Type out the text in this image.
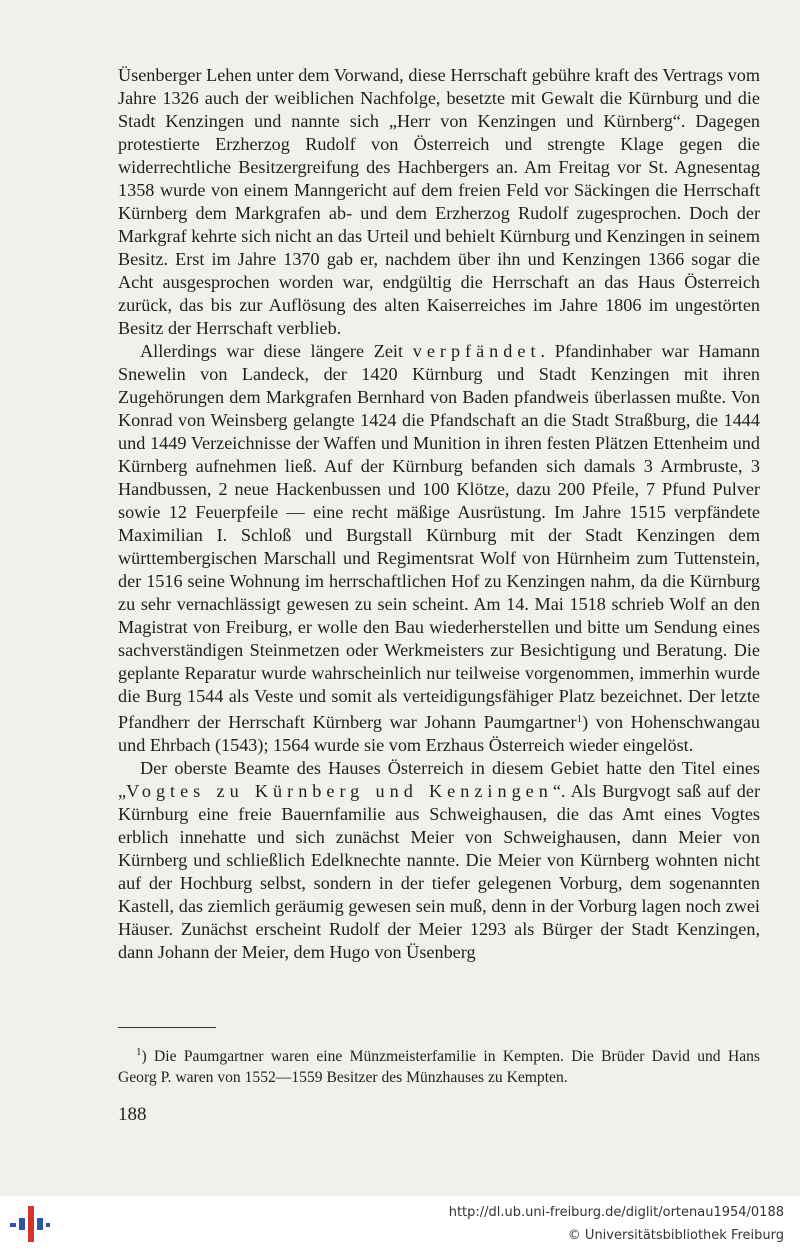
Üsenberger Lehen unter dem Vorwand, diese Herrschaft gebühre kraft des Vertrags vom Jahre 1326 auch der weiblichen Nachfolge, besetzte mit Gewalt die Kürnburg und die Stadt Kenzingen und nannte sich „Herr von Kenzingen und Kürnberg“. Dagegen protestierte Erzherzog Rudolf von Österreich und strengte Klage gegen die widerrechtliche Besitzergreifung des Hachbergers an. Am Freitag vor St. Agnesentag 1358 wurde von einem Manngericht auf dem freien Feld vor Säckingen die Herrschaft Kürnberg dem Markgrafen ab- und dem Erzherzog Rudolf zugesprochen. Doch der Markgraf kehrte sich nicht an das Urteil und behielt Kürnburg und Kenzingen in seinem Besitz. Erst im Jahre 1370 gab er, nachdem über ihn und Kenzingen 1366 sogar die Acht ausgesprochen worden war, endgültig die Herrschaft an das Haus Österreich zurück, das bis zur Auflösung des alten Kaiserreiches im Jahre 1806 im ungestörten Besitz der Herrschaft verblieb.

Allerdings war diese längere Zeit verpfändet. Pfandinhaber war Hamann Snewelin von Landeck, der 1420 Kürnburg und Stadt Kenzingen mit ihren Zugehörungen dem Markgrafen Bernhard von Baden pfandweis überlassen mußte. Von Konrad von Weinsberg gelangte 1424 die Pfandschaft an die Stadt Straßburg, die 1444 und 1449 Verzeichnisse der Waffen und Munition in ihren festen Plätzen Ettenheim und Kürnberg aufnehmen ließ. Auf der Kürnburg befanden sich damals 3 Armbruste, 3 Handbussen, 2 neue Hackenbussen und 100 Klötze, dazu 200 Pfeile, 7 Pfund Pulver sowie 12 Feuerpfeile — eine recht mäßige Ausrüstung. Im Jahre 1515 verpfändete Maximilian I. Schloß und Burgstall Kürnburg mit der Stadt Kenzingen dem württembergischen Marschall und Regimentsrat Wolf von Hürnheim zum Tuttenstein, der 1516 seine Wohnung im herrschaftlichen Hof zu Kenzingen nahm, da die Kürnburg zu sehr vernachlässigt gewesen zu sein scheint. Am 14. Mai 1518 schrieb Wolf an den Magistrat von Freiburg, er wolle den Bau wiederherstellen und bitte um Sendung eines sachverständigen Steinmetzen oder Werkmeisters zur Besichtigung und Beratung. Die geplante Reparatur wurde wahrscheinlich nur teilweise vorgenommen, immerhin wurde die Burg 1544 als Veste und somit als verteidigungsfähiger Platz bezeichnet. Der letzte Pfandherr der Herrschaft Kürnberg war Johann Paumgartner$^1$) von Hohenschwangau und Ehrbach (1543); 1564 wurde sie vom Erzhaus Österreich wieder eingelöst.

Der oberste Beamte des Hauses Österreich in diesem Gebiet hatte den Titel eines „Vogtes zu Kürnberg und Kenzingen“. Als Burgvogt saß auf der Kürnburg eine freie Bauernfamilie aus Schweighausen, die das Amt eines Vogtes erblich innehatte und sich zunächst Meier von Schweighausen, dann Meier von Kürnberg und schließlich Edelknechte nannte. Die Meier von Kürnberg wohnten nicht auf der Hochburg selbst, sondern in der tiefer gelegenen Vorburg, dem sogenannten Kastell, das ziemlich geräumig gewesen sein muß, denn in der Vorburg lagen noch zwei Häuser. Zunächst erscheint Rudolf der Meier 1293 als Bürger der Stadt Kenzingen, dann Johann der Meier, dem Hugo von Üsenberg

$^1$) Die Paumgartner waren eine Münzmeisterfamilie in Kempten. Die Brüder David und Hans Georg P. waren von 1552—1559 Besitzer des Münzhauses zu Kempten.
188
http://dl.ub.uni-freiburg.de/diglit/ortenau1954/0188
© Universitätsbibliothek Freiburg
